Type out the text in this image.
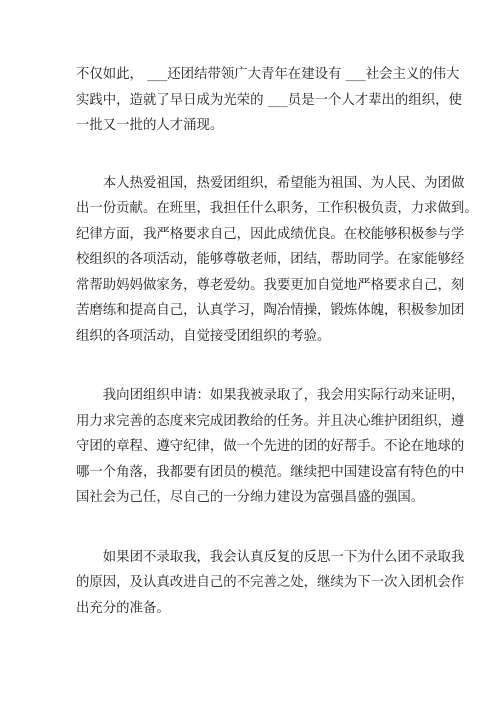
不仅如此， ___还团结带领广大青年在建设有 ___社会主义的伟大
实践中，造就了早日成为光荣的 ___员是一个人才辈出的组织，使
一批又一批的人才涌现。

本人热爱祖国，热爱团组织，希望能为祖国、为人民、为团做
出一份贡献。在班里，我担任什么职务，工作积极负责，力求做到。
纪律方面，我严格要求自己，因此成绩优良。在校能够积极参与学
校组织的各项活动，能够尊敬老师，团结，帮助同学。在家能够经
常帮助妈妈做家务，尊老爱幼。我要更加自觉地严格要求自己，刻
苦磨练和提高自己，认真学习，陶冶情操，锻炼体魄，积极参加团
组织的各项活动，自觉接受团组织的考验。

我向团组织申请：如果我被录取了，我会用实际行动来证明，
用力求完善的态度来完成团教给的任务。并且决心维护团组织，遵
守团的章程、遵守纪律，做一个先进的团的好帮手。不论在地球的
哪一个角落，我都要有团员的模范。继续把中国建设富有特色的中
国社会为己任，尽自己的一分绵力建设为富强昌盛的强国。

如果团不录取我，我会认真反复的反思一下为什么团不录取我
的原因，及认真改进自己的不完善之处，继续为下一次入团机会作
出充分的准备。
